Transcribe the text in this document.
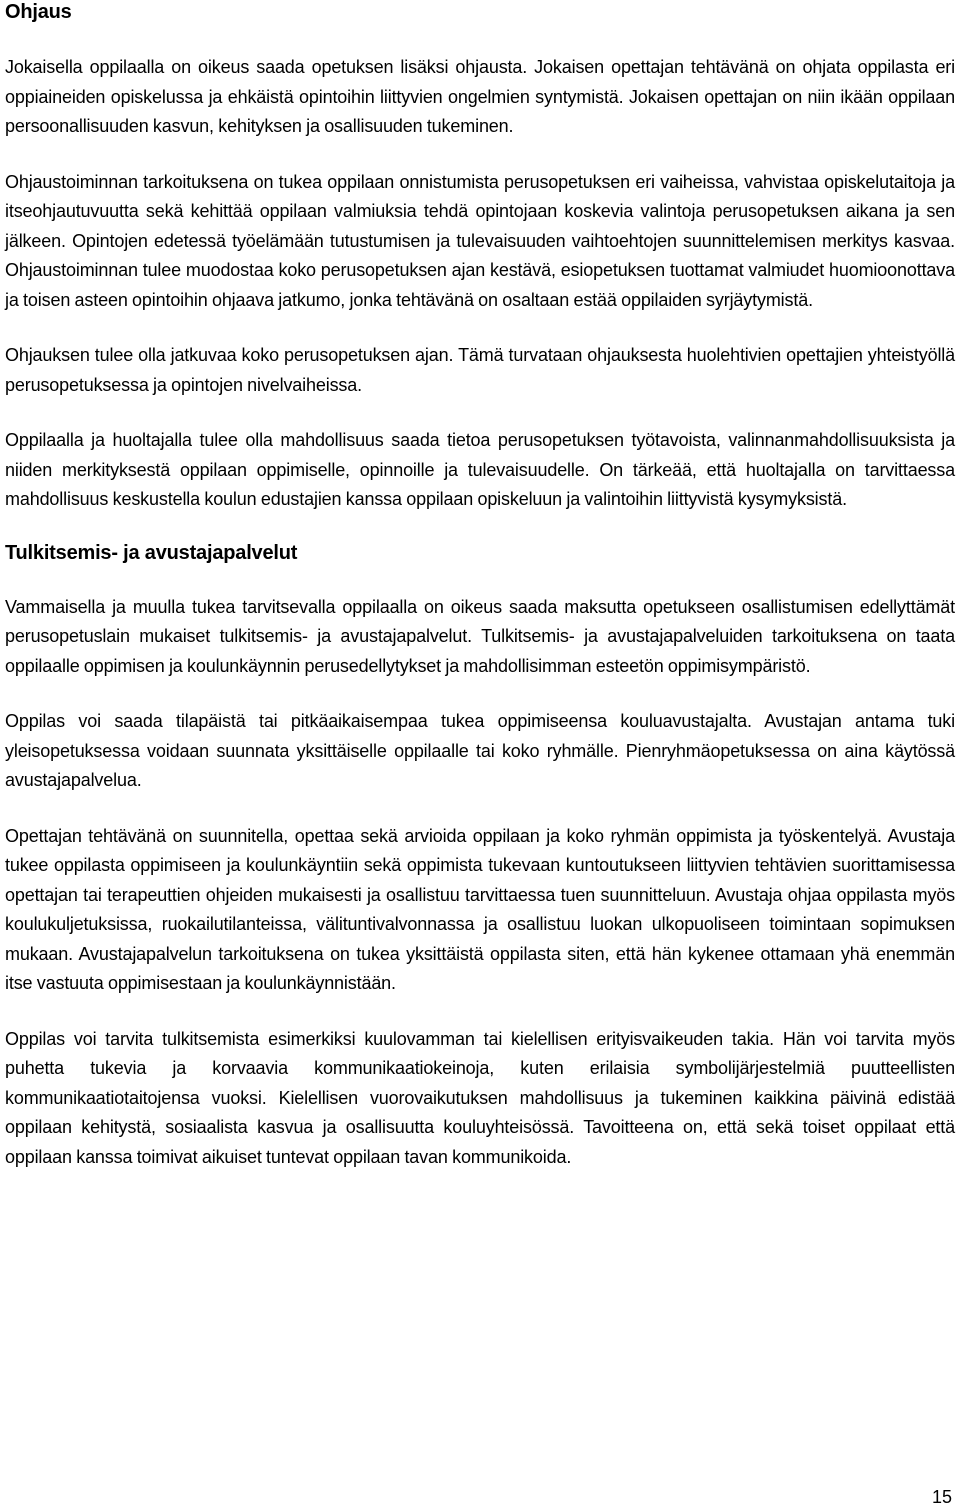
Ohjaus

Jokaisella oppilaalla on oikeus saada opetuksen lisäksi ohjausta. Jokaisen opettajan tehtävänä on ohjata oppilasta eri oppiaineiden opiskelussa ja ehkäistä opintoihin liittyvien ongelmien syntymistä. Jokaisen opettajan on niin ikään oppilaan persoonallisuuden kasvun, kehityksen ja osallisuuden tukeminen.

Ohjaustoiminnan tarkoituksena on tukea oppilaan onnistumista perusopetuksen eri vaiheissa, vahvistaa opiskelutaitoja ja itseohjautuvuutta sekä kehittää oppilaan valmiuksia tehdä opintojaan koskevia valintoja perusopetuksen aikana ja sen jälkeen. Opintojen edetessä työelämään tutustumisen ja tulevaisuuden vaihtoehtojen suunnittelemisen merkitys kasvaa. Ohjaustoiminnan tulee muodostaa koko perusopetuksen ajan kestävä, esiopetuksen tuottamat valmiudet huomioonottava ja toisen asteen opintoihin ohjaava jatkumo, jonka tehtävänä on osaltaan estää oppilaiden syrjäytymistä.

Ohjauksen tulee olla jatkuvaa koko perusopetuksen ajan. Tämä turvataan ohjauksesta huolehtivien opettajien yhteistyöllä perusopetuksessa ja opintojen nivelvaiheissa.

Oppilaalla ja huoltajalla tulee olla mahdollisuus saada tietoa perusopetuksen työtavoista, valinnanmahdollisuuksista ja niiden merkityksestä oppilaan oppimiselle, opinnoille ja tulevaisuudelle. On tärkeää, että huoltajalla on tarvittaessa mahdollisuus keskustella koulun edustajien kanssa oppilaan opiskeluun ja valintoihin liittyvistä kysymyksistä.

Tulkitsemis- ja avustajapalvelut

Vammaisella ja muulla tukea tarvitsevalla oppilaalla on oikeus saada maksutta opetukseen osallistumisen edellyttämät perusopetuslain mukaiset tulkitsemis- ja avustajapalvelut. Tulkitsemis- ja avustajapalveluiden tarkoituksena on taata oppilaalle oppimisen ja koulunkäynnin perusedellytykset ja mahdollisimman esteetön oppimisympäristö.

Oppilas voi saada tilapäistä tai pitkäaikaisempaa tukea oppimiseensa kouluavustajalta. Avustajan antama tuki yleisopetuksessa voidaan suunnata yksittäiselle oppilaalle tai koko ryhmälle. Pienryhmäopetuksessa on aina käytössä avustajapalvelua.

Opettajan tehtävänä on suunnitella, opettaa sekä arvioida oppilaan ja koko ryhmän oppimista ja työskentelyä. Avustaja tukee oppilasta oppimiseen ja koulunkäyntiin sekä oppimista tukevaan kuntoutukseen liittyvien tehtävien suorittamisessa opettajan tai terapeuttien ohjeiden mukaisesti ja osallistuu tarvittaessa tuen suunnitteluun. Avustaja ohjaa oppilasta myös koulukuljetuksissa, ruokailutilanteissa, välituntivalvonnassa ja osallistuu luokan ulkopuoliseen toimintaan sopimuksen mukaan. Avustajapalvelun tarkoituksena on tukea yksittäistä oppilasta siten, että hän kykenee ottamaan yhä enemmän itse vastuuta oppimisestaan ja koulunkäynnistään.

Oppilas voi tarvita tulkitsemista esimerkiksi kuulovamman tai kielellisen erityisvaikeuden takia. Hän voi tarvita myös puhetta tukevia ja korvaavia kommunikaatiokeinoja, kuten erilaisia symbolijärjestelmiä puutteellisten kommunikaatiotaitojensa vuoksi. Kielellisen vuorovaikutuksen mahdollisuus ja tukeminen kaikkina päivinä edistää oppilaan kehitystä, sosiaalista kasvua ja osallisuutta kouluyhteisössä. Tavoitteena on, että sekä toiset oppilaat että oppilaan kanssa toimivat aikuiset tuntevat oppilaan tavan kommunikoida.

15
